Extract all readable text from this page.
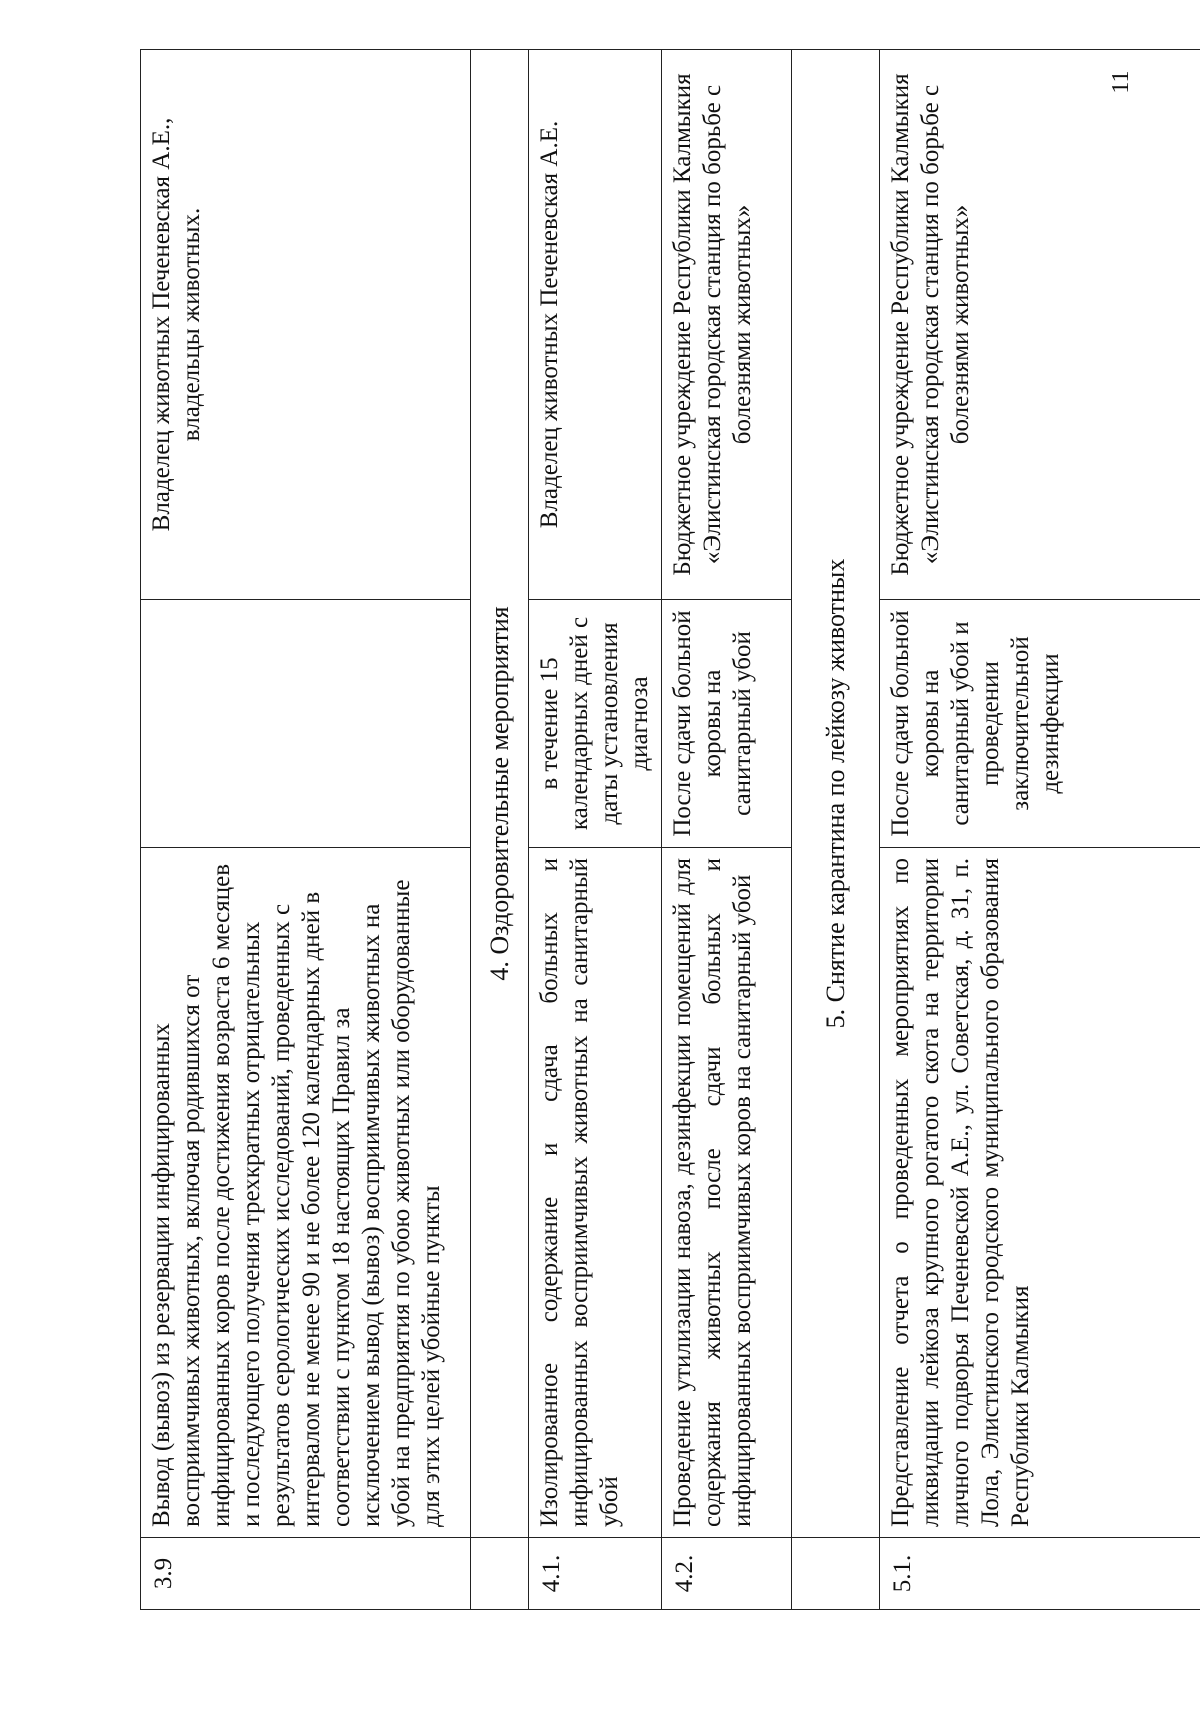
3.9	Вывод (вывоз) из резервации инфицированных восприимчивых животных, включая родившихся от инфицированных коров после достижения возраста 6 месяцев и последующего получения трехкратных отрицательных результатов серологических исследований, проведенных с интервалом не менее 90 и не более 120 календарных дней в соответствии с пунктом 18 настоящих Правил за исключением вывод (вывоз) восприимчивых животных на убой на предприятия по убою животных или оборудованные для этих целей убойные пункты		Владелец животных Печеневская А.Е., владельцы животных.
	4. Оздоровительные мероприятия		
4.1.	Изолированное содержание и сдача больных и инфицированных восприимчивых животных на санитарный убой	в течение 15 календарных дней с даты установления диагноза	Владелец животных Печеневская А.Е.
4.2.	Проведение утилизации навоза, дезинфекции помещений для содержания животных после сдачи больных и инфицированных восприимчивых коров на санитарный убой	После сдачи больной коровы на санитарный убой	Бюджетное учреждение Республики Калмыкия «Элистинская городская станция по борьбе с болезнями животных»
	5. Снятие карантина по лейкозу животных		
5.1.	Представление отчета о проведенных мероприятиях по ликвидации лейкоза крупного рогатого скота на территории личного подворья Печеневской А.Е., ул. Советская, д. 31, п. Лола, Элистинского городского муниципального образования Республики Калмыкия	После сдачи больной коровы на санитарный убой и проведении заключительной дезинфекции	Бюджетное учреждение Республики Калмыкия «Элистинская городская станция по борьбе с болезнями животных»
11
